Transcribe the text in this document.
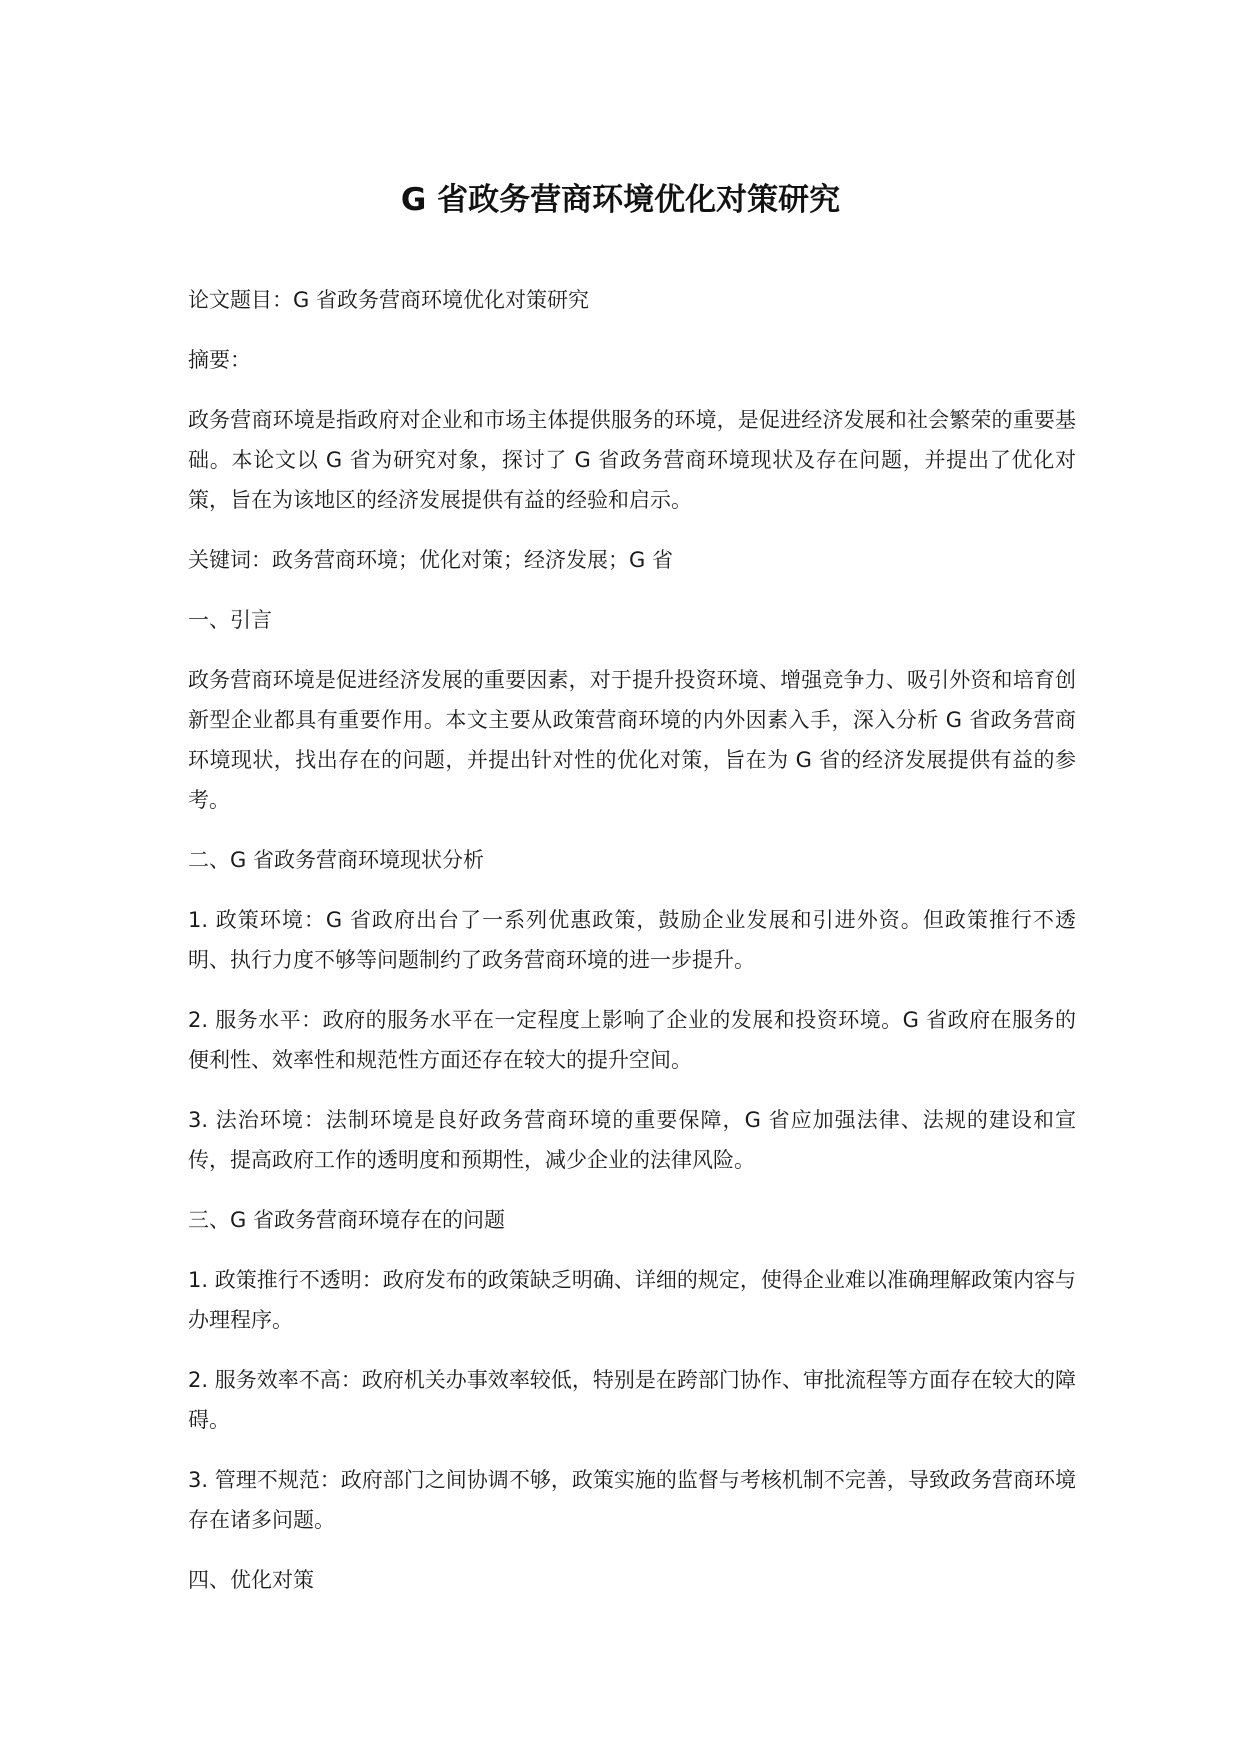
G 省政务营商环境优化对策研究

论文题目：G 省政务营商环境优化对策研究

摘要：

政务营商环境是指政府对企业和市场主体提供服务的环境，是促进经济发展和社会繁荣的重要基础。本论文以 G 省为研究对象，探讨了 G 省政务营商环境现状及存在问题，并提出了优化对策，旨在为该地区的经济发展提供有益的经验和启示。

关键词：政务营商环境；优化对策；经济发展；G 省

一、引言

政务营商环境是促进经济发展的重要因素，对于提升投资环境、增强竞争力、吸引外资和培育创新型企业都具有重要作用。本文主要从政策营商环境的内外因素入手，深入分析 G 省政务营商环境现状，找出存在的问题，并提出针对性的优化对策，旨在为 G 省的经济发展提供有益的参考。

二、G 省政务营商环境现状分析

1. 政策环境：G 省政府出台了一系列优惠政策，鼓励企业发展和引进外资。但政策推行不透明、执行力度不够等问题制约了政务营商环境的进一步提升。

2. 服务水平：政府的服务水平在一定程度上影响了企业的发展和投资环境。G 省政府在服务的便利性、效率性和规范性方面还存在较大的提升空间。

3. 法治环境：法制环境是良好政务营商环境的重要保障，G 省应加强法律、法规的建设和宣传，提高政府工作的透明度和预期性，减少企业的法律风险。

三、G 省政务营商环境存在的问题

1. 政策推行不透明：政府发布的政策缺乏明确、详细的规定，使得企业难以准确理解政策内容与办理程序。

2. 服务效率不高：政府机关办事效率较低，特别是在跨部门协作、审批流程等方面存在较大的障碍。

3. 管理不规范：政府部门之间协调不够，政策实施的监督与考核机制不完善，导致政务营商环境存在诸多问题。

四、优化对策
